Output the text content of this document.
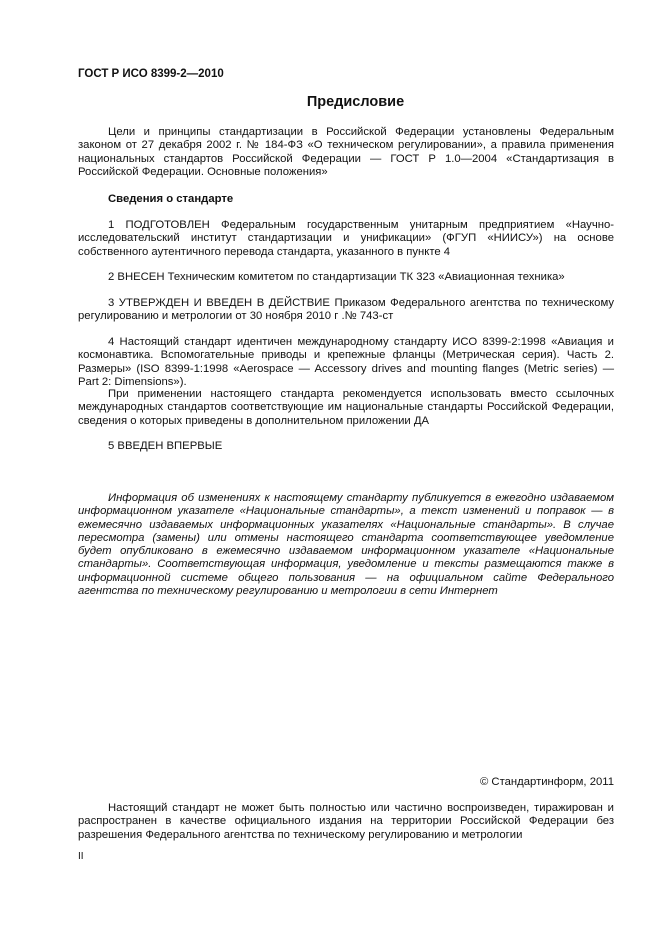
ГОСТ Р ИСО 8399-2—2010
Предисловие
Цели и принципы стандартизации в Российской Федерации установлены Федеральным законом от 27 декабря 2002 г. № 184-ФЗ «О техническом регулировании», а правила применения национальных стандартов Российской Федерации — ГОСТ Р 1.0—2004 «Стандартизация в Российской Федерации. Основные положения»
Сведения о стандарте
1 ПОДГОТОВЛЕН Федеральным государственным унитарным предприятием «Научно-исследовательский институт стандартизации и унификации» (ФГУП «НИИСУ») на основе собственного аутентичного перевода стандарта, указанного в пункте 4
2 ВНЕСЕН Техническим комитетом по стандартизации ТК 323 «Авиационная техника»
3 УТВЕРЖДЕН И ВВЕДЕН В ДЕЙСТВИЕ Приказом Федерального агентства по техническому регулированию и метрологии от 30 ноября 2010 г .№ 743-ст
4 Настоящий стандарт идентичен международному стандарту ИСО 8399-2:1998 «Авиация и космонавтика. Вспомогательные приводы и крепежные фланцы (Метрическая серия). Часть 2. Размеры» (ISO 8399-1:1998 «Aerospace — Accessory drives and mounting flanges (Metric series) — Part 2: Dimensions»).
При применении настоящего стандарта рекомендуется использовать вместо ссылочных международных стандартов соответствующие им национальные стандарты Российской Федерации, сведения о которых приведены в дополнительном приложении ДА
5 ВВЕДЕН ВПЕРВЫЕ
Информация об изменениях к настоящему стандарту публикуется в ежегодно издаваемом информационном указателе «Национальные стандарты», а текст изменений и поправок — в ежемесячно издаваемых информационных указателях «Национальные стандарты». В случае пересмотра (замены) или отмены настоящего стандарта соответствующее уведомление будет опубликовано в ежемесячно издаваемом информационном указателе «Национальные стандарты». Соответствующая информация, уведомление и тексты размещаются также в информационной системе общего пользования — на официальном сайте Федерального агентства по техническому регулированию и метрологии в сети Интернет
© Стандартинформ, 2011
Настоящий стандарт не может быть полностью или частично воспроизведен, тиражирован и распространен в качестве официального издания на территории Российской Федерации без разрешения Федерального агентства по техническому регулированию и метрологии
II
